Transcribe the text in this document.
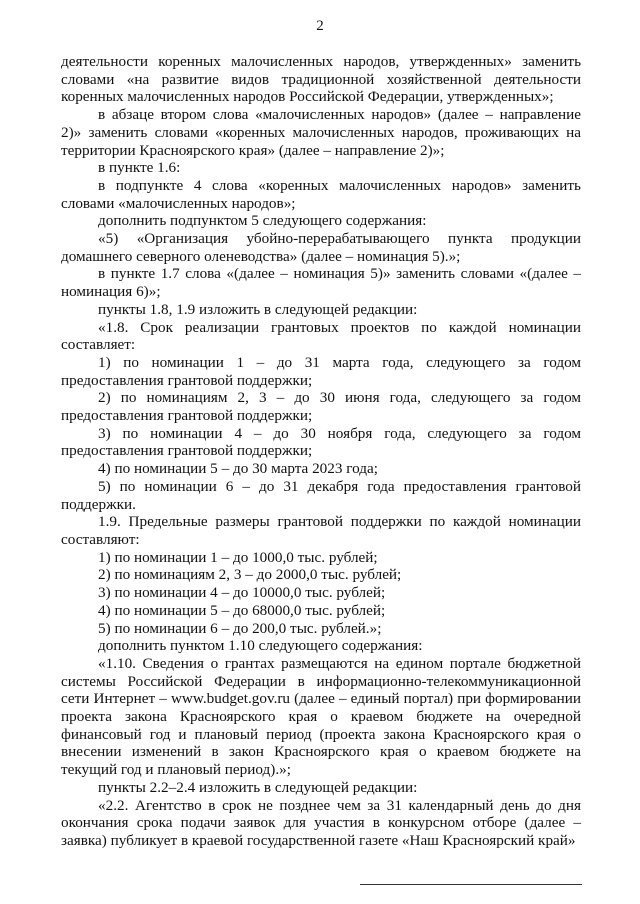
2

деятельности коренных малочисленных народов, утвержденных» заменить словами «на развитие видов традиционной хозяйственной деятельности коренных малочисленных народов Российской Федерации, утвержденных»;

в абзаце втором слова «малочисленных народов» (далее – направление 2)» заменить словами «коренных малочисленных народов, проживающих на территории Красноярского края» (далее – направление 2)»;

в пункте 1.6:

в подпункте 4 слова «коренных малочисленных народов» заменить словами «малочисленных народов»;

дополнить подпунктом 5 следующего содержания:

«5) «Организация убойно-перерабатывающего пункта продукции домашнего северного оленеводства» (далее – номинация 5).»;

в пункте 1.7 слова «(далее – номинация 5)» заменить словами «(далее – номинация 6)»;

пункты 1.8, 1.9 изложить в следующей редакции:

«1.8. Срок реализации грантовых проектов по каждой номинации составляет:

1) по номинации 1 – до 31 марта года, следующего за годом предоставления грантовой поддержки;

2) по номинациям 2, 3 – до 30 июня года, следующего за годом предоставления грантовой поддержки;

3) по номинации 4 – до 30 ноября года, следующего за годом предоставления грантовой поддержки;

4) по номинации 5 – до 30 марта 2023 года;

5) по номинации 6 – до 31 декабря года предоставления грантовой поддержки.

1.9. Предельные размеры грантовой поддержки по каждой номинации составляют:

1) по номинации 1 – до 1000,0 тыс. рублей;

2) по номинациям 2, 3 – до 2000,0 тыс. рублей;

3) по номинации 4 – до 10000,0 тыс. рублей;

4) по номинации 5 – до 68000,0 тыс. рублей;

5) по номинации 6 – до 200,0 тыс. рублей.»;

дополнить пунктом 1.10 следующего содержания:

«1.10. Сведения о грантах размещаются на едином портале бюджетной системы Российской Федерации в информационно-телекоммуникационной сети Интернет – www.budget.gov.ru (далее – единый портал) при формировании проекта закона Красноярского края о краевом бюджете на очередной финансовый год и плановый период (проекта закона Красноярского края о внесении изменений в закон Красноярского края о краевом бюджете на текущий год и плановый период).»;

пункты 2.2–2.4 изложить в следующей редакции:

«2.2. Агентство в срок не позднее чем за 31 календарный день до дня окончания срока подачи заявок для участия в конкурсном отборе (далее – заявка) публикует в краевой государственной газете «Наш Красноярский край»
